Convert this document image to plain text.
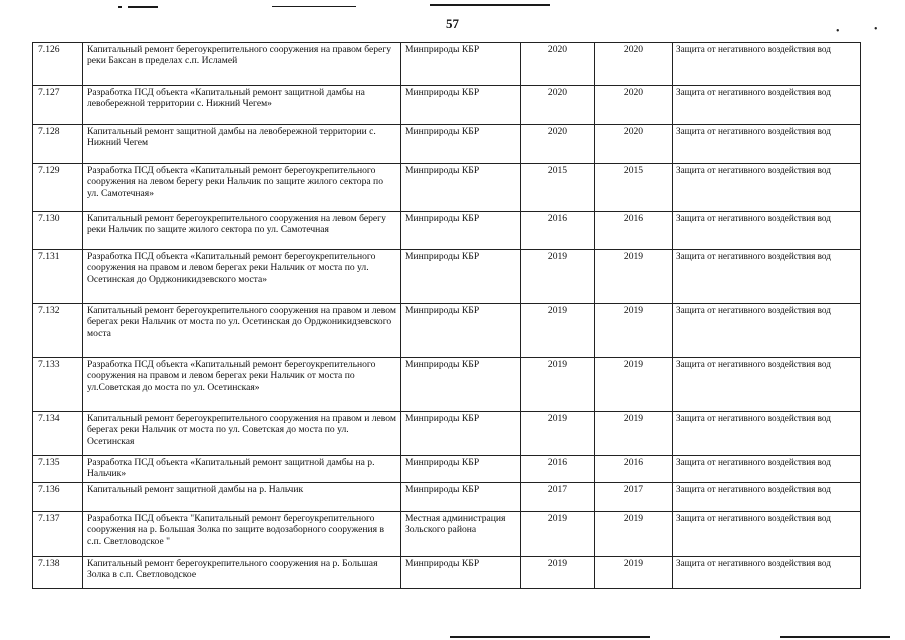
•	•
57
7.126	Капитальный ремонт берегоукрепительного сооружения на правом берегу реки Баксан в пределах с.п. Исламей	Минприроды КБР	2020	2020	Защита от негативного воздействия вод
7.127	Разработка ПСД объекта «Капитальный ремонт защитной дамбы на левобережной территории с. Нижний Чегем»	Минприроды КБР	2020	2020	Защита от негативного воздействия вод
7.128	Капитальный ремонт защитной дамбы на левобережной территории с. Нижний Чегем	Минприроды КБР	2020	2020	Защита от негативного воздействия вод
7.129	Разработка ПСД объекта «Капитальный ремонт берегоукрепительного сооружения на левом берегу реки Нальчик по защите жилого сектора по ул. Самотечная»	Минприроды КБР	2015	2015	Защита от негативного воздействия вод
7.130	Капитальный ремонт берегоукрепительного сооружения на левом берегу реки Нальчик по защите жилого сектора по ул. Самотечная	Минприроды КБР	2016	2016	Защита от негативного воздействия вод
7.131	Разработка ПСД объекта «Капитальный ремонт берегоукрепительного сооружения на правом и левом берегах реки Нальчик от моста по ул. Осетинская до Орджоникидзевского моста»	Минприроды КБР	2019	2019	Защита от негативного воздействия вод
7.132	Капитальный ремонт берегоукрепительного сооружения на правом и левом берегах реки Нальчик от моста по ул. Осетинская до Орджоникидзевского моста	Минприроды КБР	2019	2019	Защита от негативного воздействия вод
7.133	Разработка ПСД объекта «Капитальный ремонт берегоукрепительного сооружения на правом и левом берегах реки Нальчик от моста по ул.Советская до моста по ул. Осетинская»	Минприроды КБР	2019	2019	Защита от негативного воздействия вод
7.134	Капитальный ремонт берегоукрепительного сооружения на правом и левом берегах реки Нальчик от моста по ул. Советская до моста по ул. Осетинская	Минприроды КБР	2019	2019	Защита от негативного воздействия вод
7.135	Разработка ПСД объекта «Капитальный ремонт защитной дамбы на р. Нальчик»	Минприроды КБР	2016	2016	Защита от негативного воздействия вод
7.136	Капитальный ремонт защитной дамбы на р. Нальчик	Минприроды КБР	2017	2017	Защита от негативного воздействия вод
7.137	Разработка ПСД объекта "Капитальный ремонт берегоукрепительного сооружения на р. Большая Золка по защите водозаборного сооружения в с.п. Светловодское "	Местная администрация Зольского района	2019	2019	Защита от негативного воздействия вод
7.138	Капитальный ремонт берегоукрепительного сооружения на р. Большая Золка в с.п. Светловодское	Минприроды КБР	2019	2019	Защита от негативного воздействия вод
